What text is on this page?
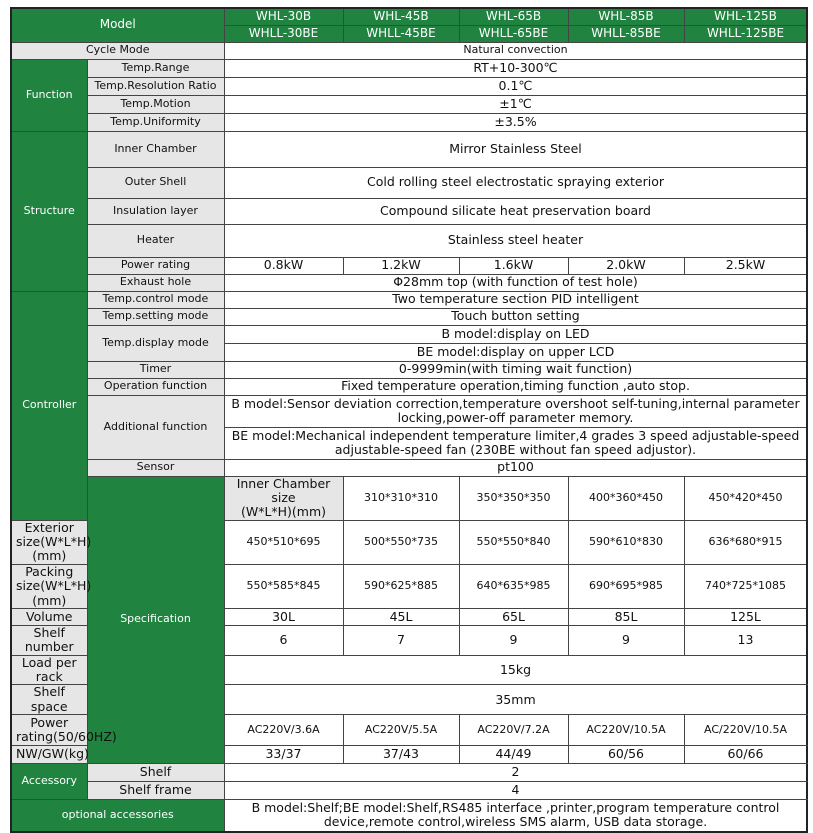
Model		WHL-30B	WHL-45B	WHL-65B	WHL-85B	WHL-125B	
		WHLL-30BE	WHLL-45BE	WHLL-65BE	WHLL-85BE	WHLL-125BE	
Cycle Mode		Natural convection					
Function	Temp.Range	RT+10-300℃					
	Temp.Resolution Ratio	0.1℃					
	Temp.Motion	±1℃					
	Temp.Uniformity	±3.5%					
Structure	Inner Chamber	Mirror Stainless Steel					
	Outer Shell	Cold rolling steel electrostatic spraying exterior					
	Insulation layer	Compound silicate heat preservation board					
	Heater	Stainless steel heater					
	Power rating	0.8kW	1.2kW	1.6kW	2.0kW	2.5kW	
	Exhaust hole	Φ28mm top (with function of test hole)					
Controller	Temp.control mode	Two temperature section PID intelligent					
	Temp.setting mode	Touch button setting					
	Temp.display mode	B model:display on LED					
		BE model:display on upper LCD					
	Timer	0-9999min(with timing wait function)					
	Operation function	Fixed temperature operation,timing function ,auto stop.					
	Additional function	B model:Sensor deviation correction,temperature overshoot self-tuning,internal parameter
locking,power-off parameter memory.					
		BE model:Mechanical independent temperature limiter,4 grades 3 speed adjustable-speed
adjustable-speed fan (230BE without fan speed adjustor).					
	Sensor	pt100					
	Specification	Inner Chamber size
(W*L*H)(mm)	310*310*310	350*350*350	400*360*450	450*420*450	
Exterior size(W*L*H)
(mm)		450*510*695	500*550*735	550*550*840	590*610*830	636*680*915	
Packing size(W*L*H)
(mm)		550*585*845	590*625*885	640*635*985	690*695*985	740*725*1085	
Volume		30L	45L	65L	85L	125L	
Shelf number		6	7	9	9	13	
Load per rack		15kg					
Shelf space		35mm					
Power
rating(50/60HZ)		AC220V/3.6A	AC220V/5.5A	AC220V/7.2A	AC220V/10.5A	AC/220V/10.5A	
NW/GW(kg)		33/37	37/43	44/49	60/56	60/66	
Accessory	Shelf	2					
	Shelf frame	4					
optional accessories		B model:Shelf;BE model:Shelf,RS485 interface ,printer,program temperature control
device,remote control,wireless SMS alarm, USB data storage.					
